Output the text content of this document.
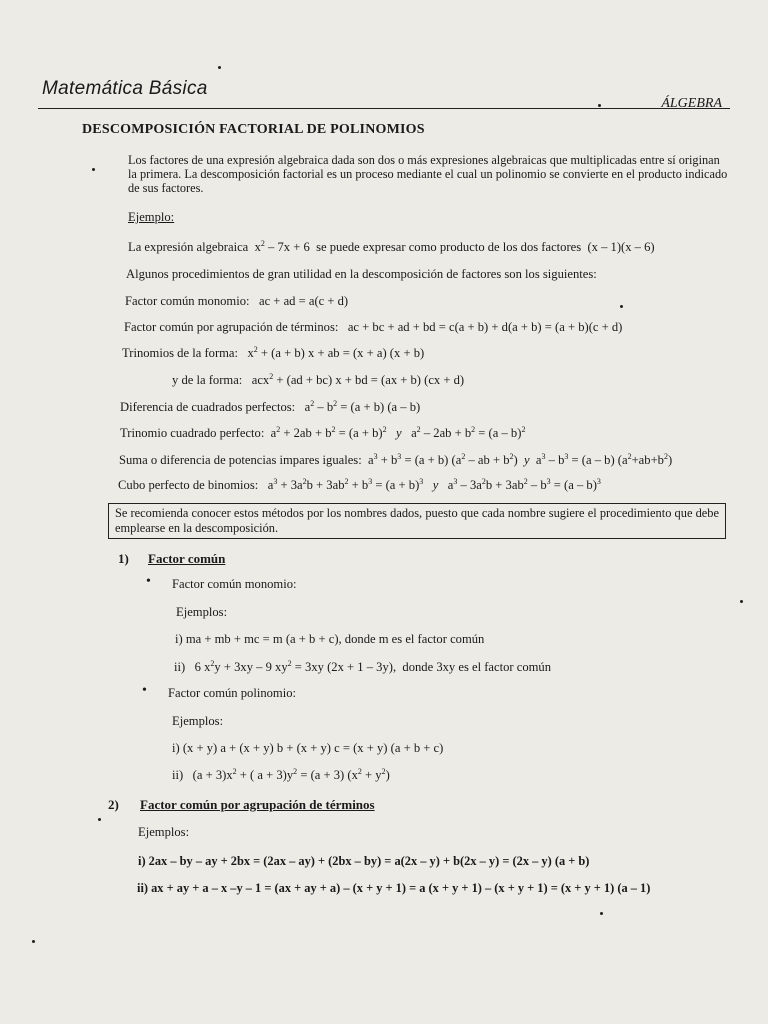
Matemática Básica
ÁLGEBRA
DESCOMPOSICIÓN FACTORIAL DE POLINOMIOS
Los factores de una expresión algebraica dada son dos o más expresiones algebraicas que multiplicadas entre sí originan la primera. La descomposición factorial es un proceso mediante el cual un polinomio se convierte en el producto indicado de sus factores.
Ejemplo:
La expresión algebraica $x^2 - 7x + 6$ se puede expresar como producto de los dos factores (x – 1)(x – 6)
Algunos procedimientos de gran utilidad en la descomposición de factores son los siguientes:
Factor común monomio: ac + ad = a(c + d)
Factor común por agrupación de términos: ac + bc + ad + bd = c(a + b) + d(a + b) = (a + b)(c + d)
Trinomios de la forma: $x^2 + (a + b) x$ + ab = (x + a) (x + b)
y de la forma: acx$^2$ + (ad + bc) x + bd = (ax + b) (cx + d)
Diferencia de cuadrados perfectos: $a^2 - b^2 = (a + b)$ (a – b)
Trinomio cuadrado perfecto: $a^2 + 2ab + b^2 = (a + b)^2$ y   $a^2 - 2ab + b^2 = (a - b)^2$
Suma o diferencia de potencias impares iguales: $a^3 + b^3 = (a + b)$ ($a^2$ – ab + $b^2$)  y  $a^3 - b^3 = (a - b)$ $(a^2+ab+b^2)$
Cubo perfecto de binomios: $a^3 + 3a^2b + 3ab^2 + b^3 = (a + b)^3$ y   $a^3 - 3a^2b + 3ab^2 - b^3 = (a - b)^3$
Se recomienda conocer estos métodos por los nombres dados, puesto que cada nombre sugiere el procedimiento que debe emplearse en la descomposición.
1) Factor común
• Factor común monomio:
Ejemplos:
i) ma + mb + mc = m (a + b + c), donde m es el factor común
ii) 6 $x^2y + 3xy - 9$ $xy^2 = 3xy$ (2x + 1 – 3y), donde 3xy es el factor común
• Factor común polinomio:
Ejemplos:
i) (x + y) a + (x + y) b + (x + y) c = (x + y) (a + b + c)
ii) $(a + 3)x^2$ + ( $a + 3)y^2 = (a + 3)$ $(x^2 + y^2)$
2) Factor común por agrupación de términos
Ejemplos:
i) 2ax – by – ay + 2bx = (2ax – ay) + (2bx – by) = a(2x – y) + b(2x – y) = (2x – y) (a + b)
ii) ax + ay + a – x –y – 1 = (ax + ay + a) – (x + y + 1) = a (x + y + 1) – (x + y + 1) = (x + y + 1) (a – 1)
